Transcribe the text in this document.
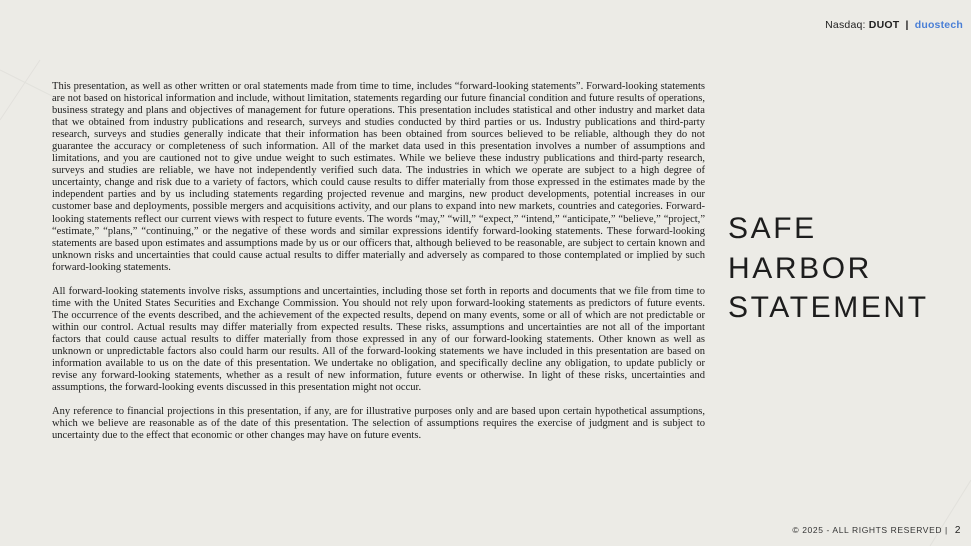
Nasdaq: DUOT | duostech

This presentation, as well as other written or oral statements made from time to time, includes “forward-looking statements”. Forward-looking statements are not based on historical information and include, without limitation, statements regarding our future financial condition and future results of operations, business strategy and plans and objectives of management for future operations. This presentation includes statistical and other industry and market data that we obtained from industry publications and research, surveys and studies conducted by third parties or us. Industry publications and third-party research, surveys and studies generally indicate that their information has been obtained from sources believed to be reliable, although they do not guarantee the accuracy or completeness of such information. All of the market data used in this presentation involves a number of assumptions and limitations, and you are cautioned not to give undue weight to such estimates. While we believe these industry publications and third-party research, surveys and studies are reliable, we have not independently verified such data. The industries in which we operate are subject to a high degree of uncertainty, change and risk due to a variety of factors, which could cause results to differ materially from those expressed in the estimates made by the independent parties and by us including statements regarding projected revenue and margins, new product developments, potential increases in our customer base and deployments, possible mergers and acquisitions activity, and our plans to expand into new markets, countries and categories. Forward-looking statements reflect our current views with respect to future events. The words “may,” “will,” “expect,” “intend,” “anticipate,” “believe,” “project,” “estimate,” “plans,” “continuing,” or the negative of these words and similar expressions identify forward-looking statements. These forward-looking statements are based upon estimates and assumptions made by us or our officers that, although believed to be reasonable, are subject to certain known and unknown risks and uncertainties that could cause actual results to differ materially and adversely as compared to those contemplated or implied by such forward-looking statements.

All forward-looking statements involve risks, assumptions and uncertainties, including those set forth in reports and documents that we file from time to time with the United States Securities and Exchange Commission. You should not rely upon forward-looking statements as predictors of future events. The occurrence of the events described, and the achievement of the expected results, depend on many events, some or all of which are not predictable or within our control. Actual results may differ materially from expected results. These risks, assumptions and uncertainties are not all of the important factors that could cause actual results to differ materially from those expressed in any of our forward-looking statements. Other known as well as unknown or unpredictable factors also could harm our results. All of the forward-looking statements we have included in this presentation are based on information available to us on the date of this presentation. We undertake no obligation, and specifically decline any obligation, to update publicly or revise any forward-looking statements, whether as a result of new information, future events or otherwise. In light of these risks, uncertainties and assumptions, the forward-looking events discussed in this presentation might not occur.

Any reference to financial projections in this presentation, if any, are for illustrative purposes only and are based upon certain hypothetical assumptions, which we believe are reasonable as of the date of this presentation. The selection of assumptions requires the exercise of judgment and is subject to uncertainty due to the effect that economic or other changes may have on future events.

SAFE
HARBOR
STATEMENT
© 2025 - ALL RIGHTS RESERVED | 2
